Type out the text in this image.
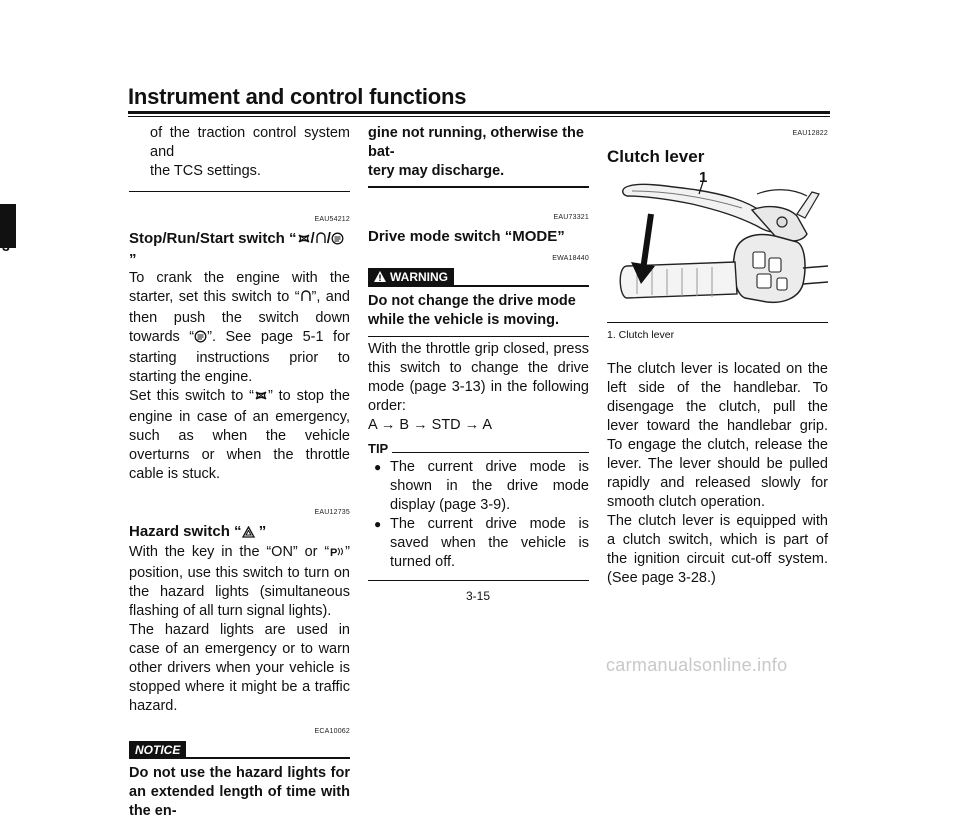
Instrument and control functions
3
of the traction control system and
the TCS settings.
EAU54212
Stop/Run/Start switch “ / /”
To crank the engine with the starter, set this switch to “ ”, and then push the switch down towards “ ”. See page 5-1 for starting instructions prior to starting the engine.
Set this switch to “ ” to stop the engine in case of an emergency, such as when the vehicle overturns or when the throttle cable is stuck.
EAU12735
Hazard switch “ ”
With the key in the “ON” or “ P ” position, use this switch to turn on the hazard lights (simultaneous flashing of all turn signal lights).
The hazard lights are used in case of an emergency or to warn other drivers when your vehicle is stopped where it might be a traffic hazard.
ECA10062
NOTICE
Do not use the hazard lights for an extended length of time with the en-
gine not running, otherwise the bat-
tery may discharge.
EAU73321
Drive mode switch “MODE”
EWA18440
WARNING
Do not change the drive mode while the vehicle is moving.
With the throttle grip closed, press this switch to change the drive mode (page 3-13) in the following order:
A → B → STD → A
TIP
● The current drive mode is shown in the drive mode display (page 3-9).
● The current drive mode is saved when the vehicle is turned off.
EAU12822
Clutch lever
1
1. Clutch lever
The clutch lever is located on the left side of the handlebar. To disengage the clutch, pull the lever toward the handlebar grip. To engage the clutch, release the lever. The lever should be pulled rapidly and released slowly for smooth clutch operation.
The clutch lever is equipped with a clutch switch, which is part of the ignition circuit cut-off system. (See page 3-28.)
3-15
carmanualsonline.info
